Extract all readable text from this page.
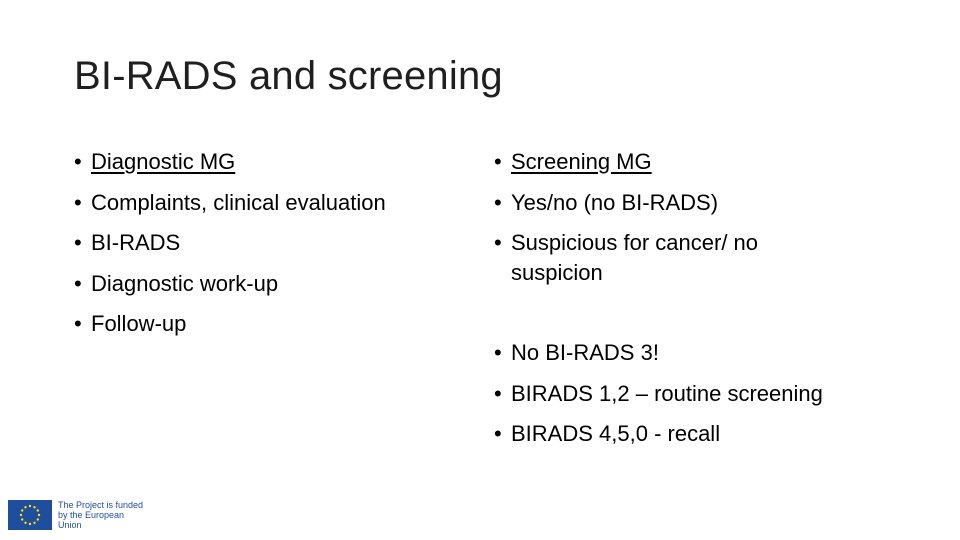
BI-RADS and screening
• Diagnostic MG
• Complaints, clinical evaluation
• BI-RADS
• Diagnostic work-up
• Follow-up
• Screening MG
• Yes/no (no BI-RADS)
• Suspicious for cancer/ no suspicion
• No BI-RADS 3!
• BIRADS 1,2 – routine screening
• BIRADS 4,5,0 - recall
The Project is funded by the European Union
